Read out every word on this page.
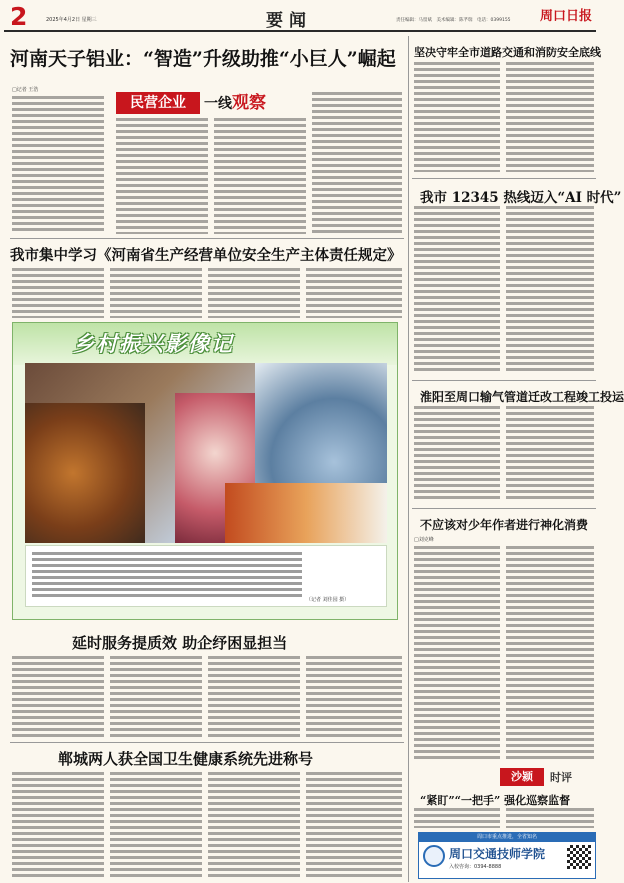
2	2025年4月2日 星期三	要闻	责任编辑：马留斌　美术编辑：陈芊瑞　电话：0399155 周口日报
河南天子铝业：“智造”升级助推“小巨人”崛起
□记者 王浩
民营企业	一线观察
我市集中学习《河南省生产经营单位安全生产主体责任规定》
乡村振兴影像记
（记者 刘佳园 摄）
延时服务提质效 助企纾困显担当
郸城两人获全国卫生健康系统先进称号
坚决守牢全市道路交通和消防安全底线
我市 12345 热线迈入“AI 时代”
淮阳至周口输气管道迁改工程竣工投运
不应该对少年作者进行神化消费
□刘克峰
沙颍	时评
“紧盯”“一把手” 强化巡察监督
周口市重点推进，全省知名
周口交通技师学院
入校咨询：0394-8888
